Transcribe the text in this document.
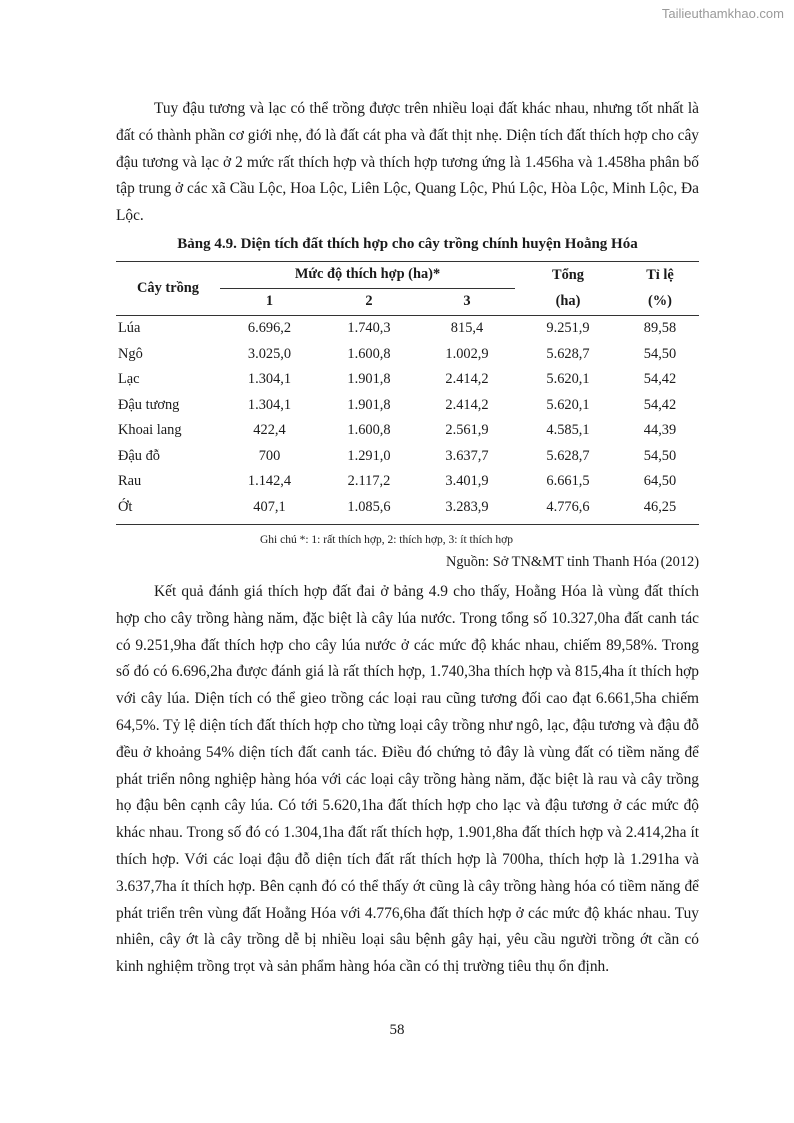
Tailieuthamkhao.com

Tuy đậu tương và lạc có thể trồng được trên nhiều loại đất khác nhau, nhưng tốt nhất là đất có thành phần cơ giới nhẹ, đó là đất cát pha và đất thịt nhẹ. Diện tích đất thích hợp cho cây đậu tương và lạc ở 2 mức rất thích hợp và thích hợp tương ứng là 1.456ha và 1.458ha phân bố tập trung ở các xã Cầu Lộc, Hoa Lộc, Liên Lộc, Quang Lộc, Phú Lộc, Hòa Lộc, Minh Lộc, Đa Lộc.

Bảng 4.9. Diện tích đất thích hợp cho cây trồng chính huyện Hoằng Hóa
Cây trồng	Mức độ thích hợp (ha)*			Tổng	Tỉ lệ
	1	2	3	(ha)	(%)
Lúa	6.696,2	1.740,3	815,4	9.251,9	89,58
Ngô	3.025,0	1.600,8	1.002,9	5.628,7	54,50
Lạc	1.304,1	1.901,8	2.414,2	5.620,1	54,42
Đậu tương	1.304,1	1.901,8	2.414,2	5.620,1	54,42
Khoai lang	422,4	1.600,8	2.561,9	4.585,1	44,39
Đậu đỗ	700	1.291,0	3.637,7	5.628,7	54,50
Rau	1.142,4	2.117,2	3.401,9	6.661,5	64,50
Ớt	407,1	1.085,6	3.283,9	4.776,6	46,25
Ghi chú *: 1: rất thích hợp, 2: thích hợp, 3: ít thích hợp
Nguồn: Sở TN&MT tỉnh Thanh Hóa (2012)

Kết quả đánh giá thích hợp đất đai ở bảng 4.9 cho thấy, Hoằng Hóa là vùng đất thích hợp cho cây trồng hàng năm, đặc biệt là cây lúa nước. Trong tổng số 10.327,0ha đất canh tác có 9.251,9ha đất thích hợp cho cây lúa nước ở các mức độ khác nhau, chiếm 89,58%. Trong số đó có 6.696,2ha được đánh giá là rất thích hợp, 1.740,3ha thích hợp và 815,4ha ít thích hợp với cây lúa. Diện tích có thể gieo trồng các loại rau cũng tương đối cao đạt 6.661,5ha chiếm 64,5%. Tỷ lệ diện tích đất thích hợp cho từng loại cây trồng như ngô, lạc, đậu tương và đậu đỗ đều ở khoảng 54% diện tích đất canh tác. Điều đó chứng tỏ đây là vùng đất có tiềm năng để phát triển nông nghiệp hàng hóa với các loại cây trồng hàng năm, đặc biệt là rau và cây trồng họ đậu bên cạnh cây lúa. Có tới 5.620,1ha đất thích hợp cho lạc và đậu tương ở các mức độ khác nhau. Trong số đó có 1.304,1ha đất rất thích hợp, 1.901,8ha đất thích hợp và 2.414,2ha ít thích hợp. Với các loại đậu đỗ diện tích đất rất thích hợp là 700ha, thích hợp là 1.291ha và 3.637,7ha ít thích hợp. Bên cạnh đó có thể thấy ớt cũng là cây trồng hàng hóa có tiềm năng để phát triển trên vùng đất Hoằng Hóa với 4.776,6ha đất thích hợp ở các mức độ khác nhau. Tuy nhiên, cây ớt là cây trồng dễ bị nhiều loại sâu bệnh gây hại, yêu cầu người trồng ớt cần có kinh nghiệm trồng trọt và sản phẩm hàng hóa cần có thị trường tiêu thụ ổn định.

58
